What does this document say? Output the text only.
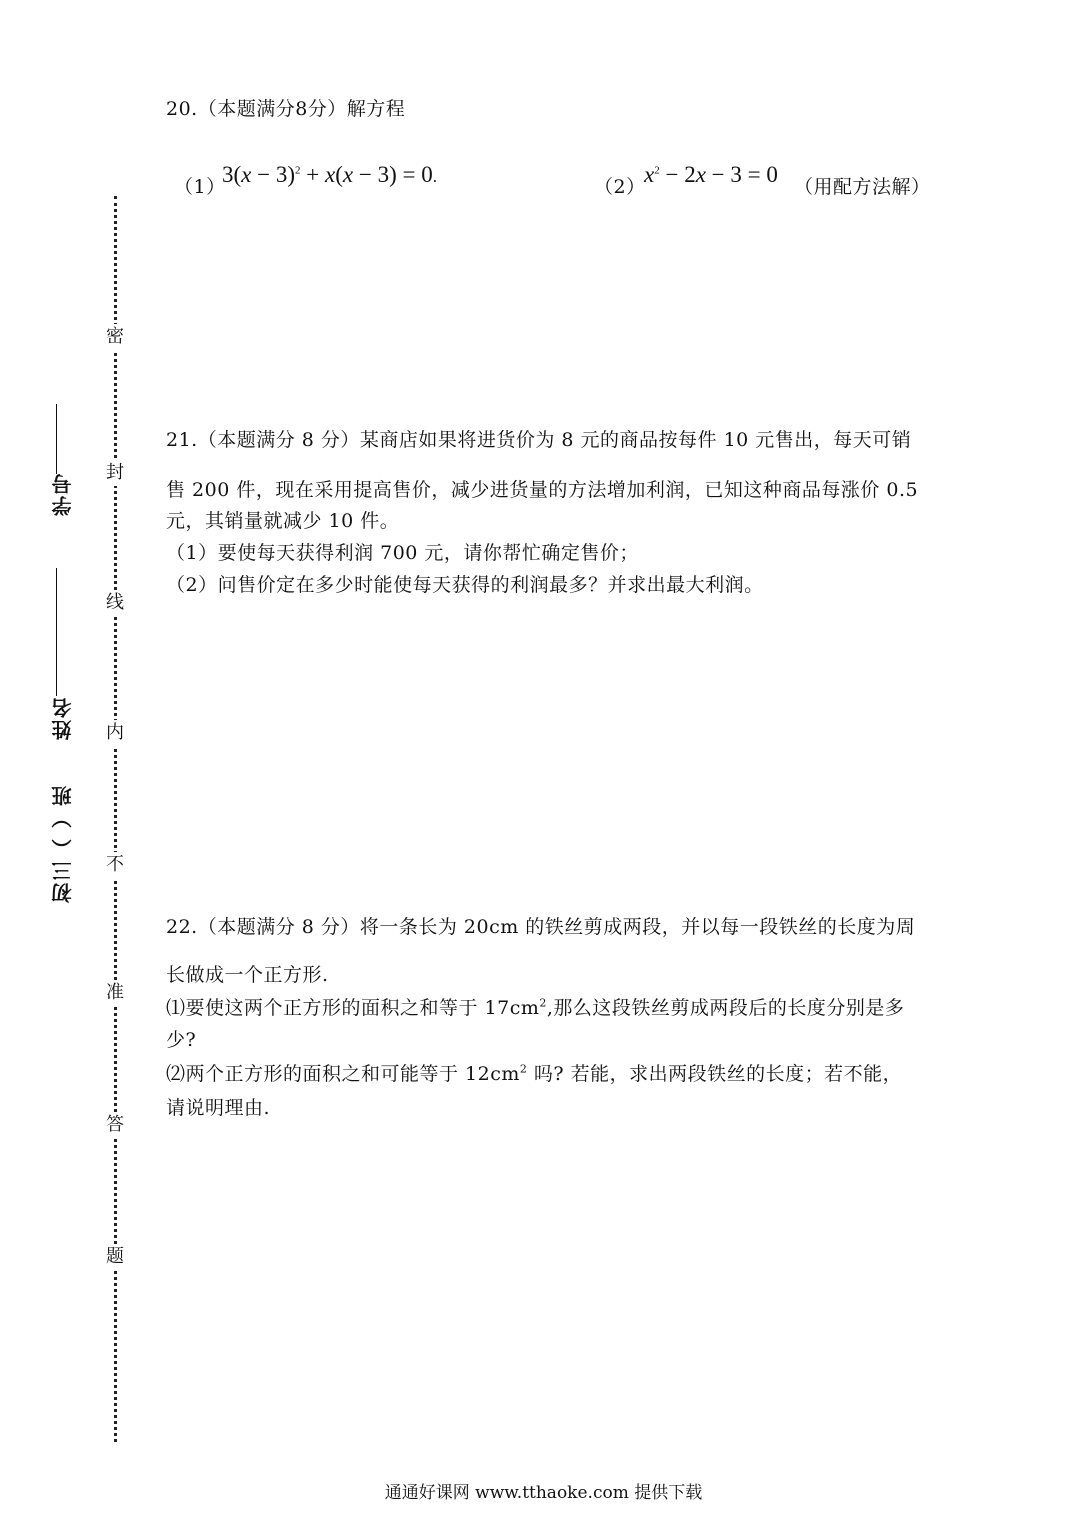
密
封
线
内
不
准
答
题
学号
姓名
初三（ ）班
20.（本题满分8分）解方程
（1）
$3(x - 3)^2 + x(x - 3) = 0$.	（2）
$x^2 - 2x - 3 = 0$ （用配方法解）
21.（本题满分 8 分）某商店如果将进货价为 8 元的商品按每件 10 元售出，每天可销
售 200 件，现在采用提高售价，减少进货量的方法增加利润，已知这种商品每涨价 0.5
元，其销量就减少 10 件。
（1）要使每天获得利润 700 元，请你帮忙确定售价；
（2）问售价定在多少时能使每天获得的利润最多？并求出最大利润。
22.（本题满分 8 分）将一条长为 20cm 的铁丝剪成两段，并以每一段铁丝的长度为周
长做成一个正方形.
⑴要使这两个正方形的面积之和等于 $17cm^2$,那么这段铁丝剪成两段后的长度分别是多
少?
⑵两个正方形的面积之和可能等于 $12cm^2$ 吗? 若能，求出两段铁丝的长度；若不能，
请说明理由.
通通好课网 www.tthaoke.com 提供下载
